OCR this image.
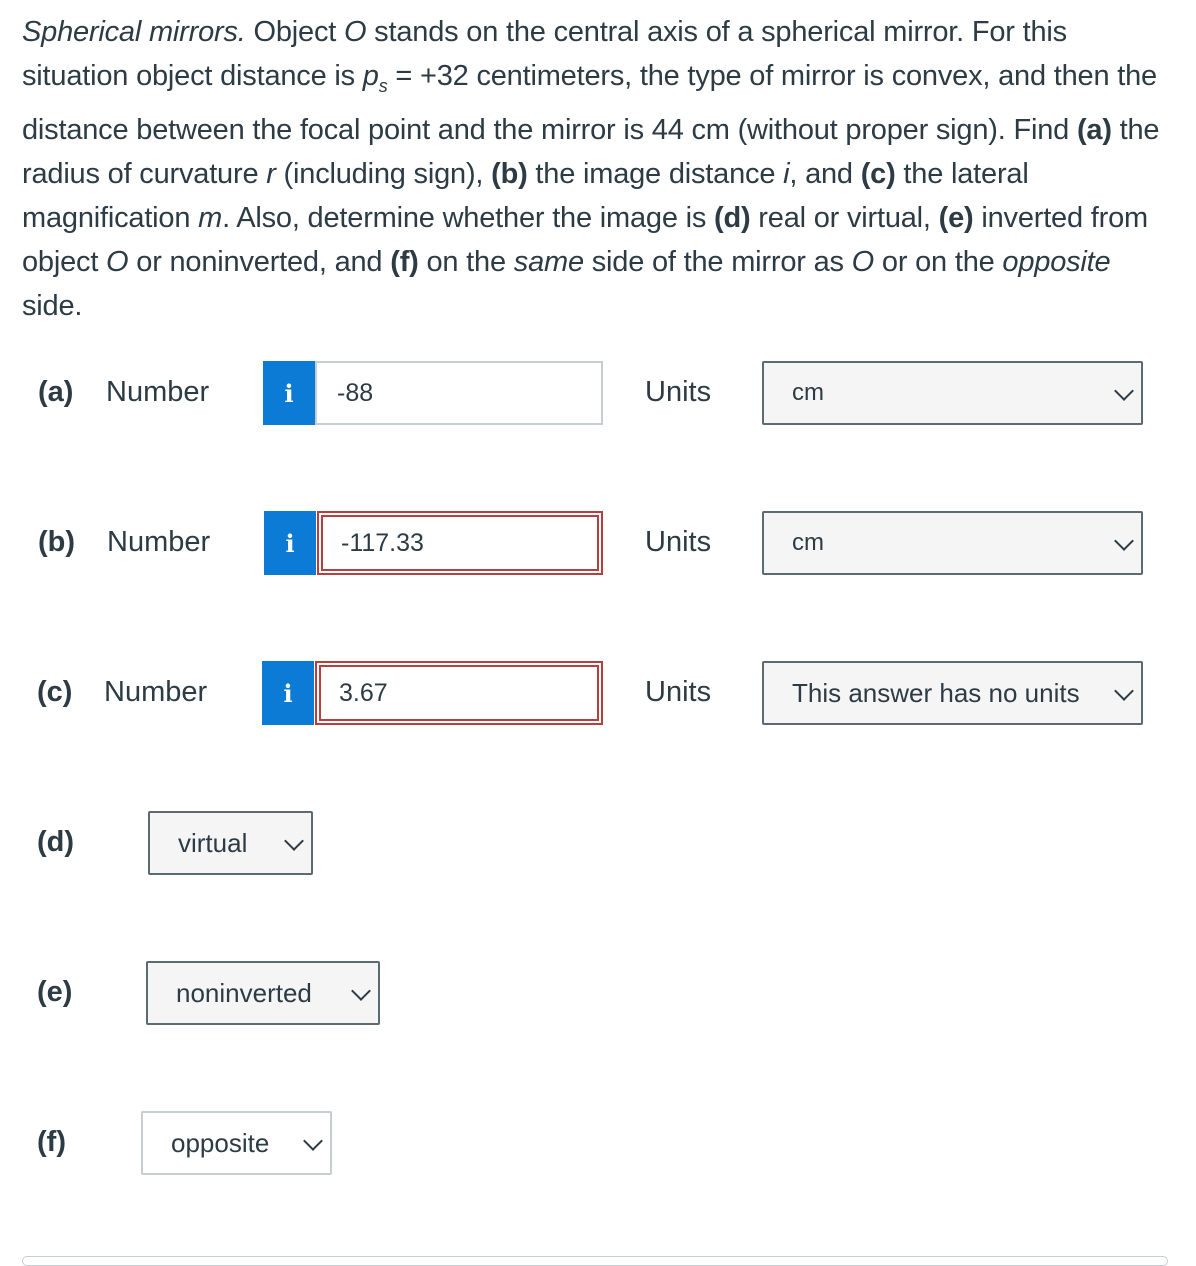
Spherical mirrors. Object O stands on the central axis of a spherical mirror. For this situation object distance is $p_s = +32$ centimeters, the type of mirror is convex, and then the distance between the focal point and the mirror is 44 cm (without proper sign). Find (a) the radius of curvature r (including sign), (b) the image distance i, and (c) the lateral magnification m. Also, determine whether the image is (d) real or virtual, (e) inverted from object O or noninverted, and (f) on the same side of the mirror as O or on the opposite side.
(a) Number	i	-88	Units	cm
(b) Number	i	-117.33	Units	cm
(c) Number	i	3.67	Units	This answer has no units
(d)	virtual
(e)	noninverted
(f)	opposite
